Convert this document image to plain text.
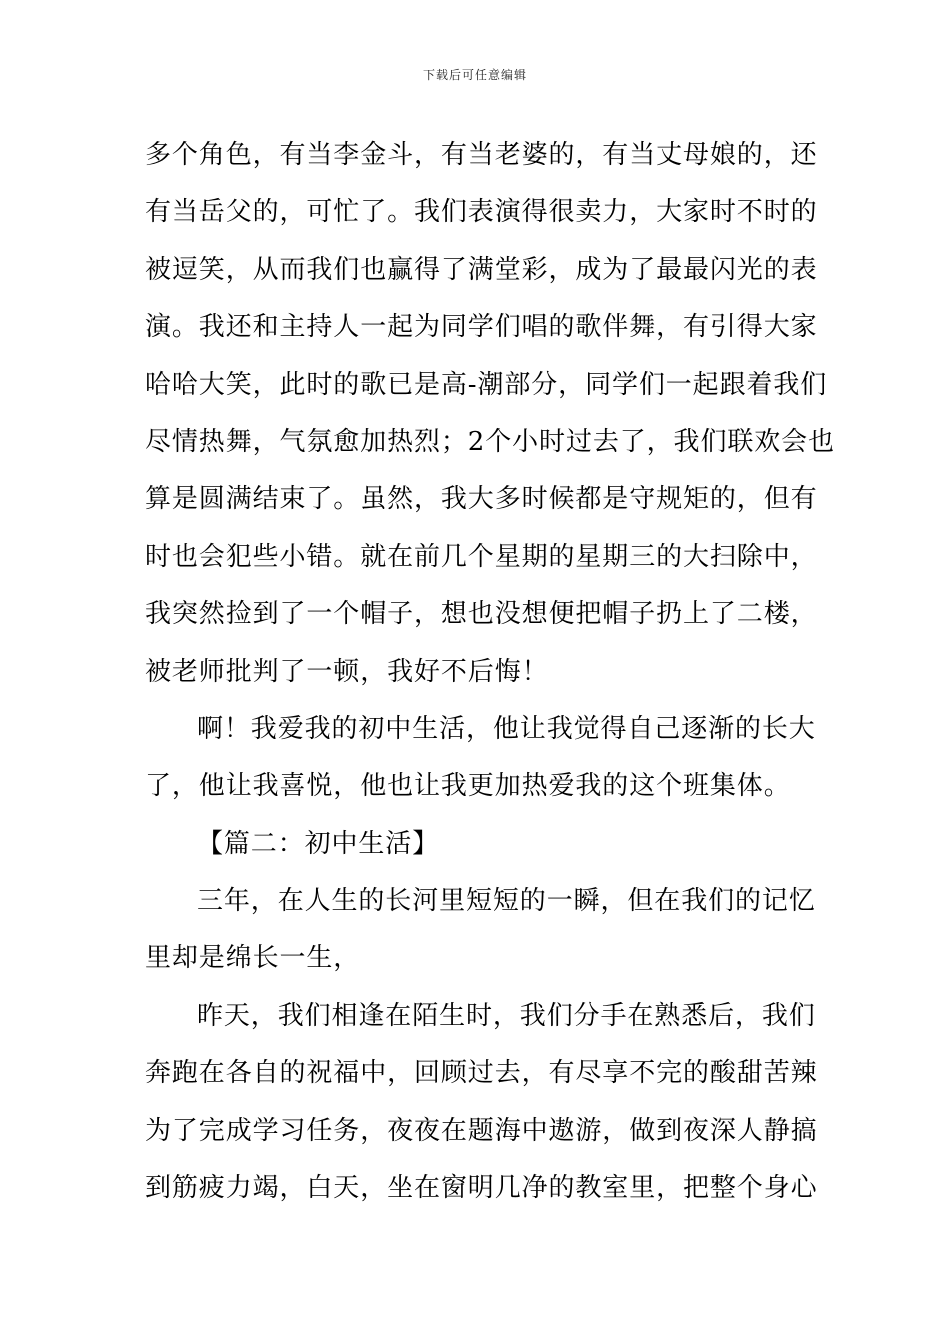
下载后可任意编辑
多个角色，有当李金斗，有当老婆的，有当丈母娘的，还
有当岳父的，可忙了。我们表演得很卖力，大家时不时的
被逗笑，从而我们也赢得了满堂彩，成为了最最闪光的表
演。我还和主持人一起为同学们唱的歌伴舞，有引得大家
哈哈大笑，此时的歌已是高-潮部分，同学们一起跟着我们
尽情热舞，气氛愈加热烈；2个小时过去了，我们联欢会也
算是圆满结束了。虽然，我大多时候都是守规矩的，但有
时也会犯些小错。就在前几个星期的星期三的大扫除中，
我突然捡到了一个帽子，想也没想便把帽子扔上了二楼，
被老师批判了一顿，我好不后悔！
啊！我爱我的初中生活，他让我觉得自己逐渐的长大
了，他让我喜悦，他也让我更加热爱我的这个班集体。
【篇二：初中生活】
三年，在人生的长河里短短的一瞬，但在我们的记忆
里却是绵长一生，
昨天，我们相逢在陌生时，我们分手在熟悉后，我们
奔跑在各自的祝福中，回顾过去，有尽享不完的酸甜苦辣
为了完成学习任务，夜夜在题海中遨游，做到夜深人静搞
到筋疲力竭，白天，坐在窗明几净的教室里，把整个身心
